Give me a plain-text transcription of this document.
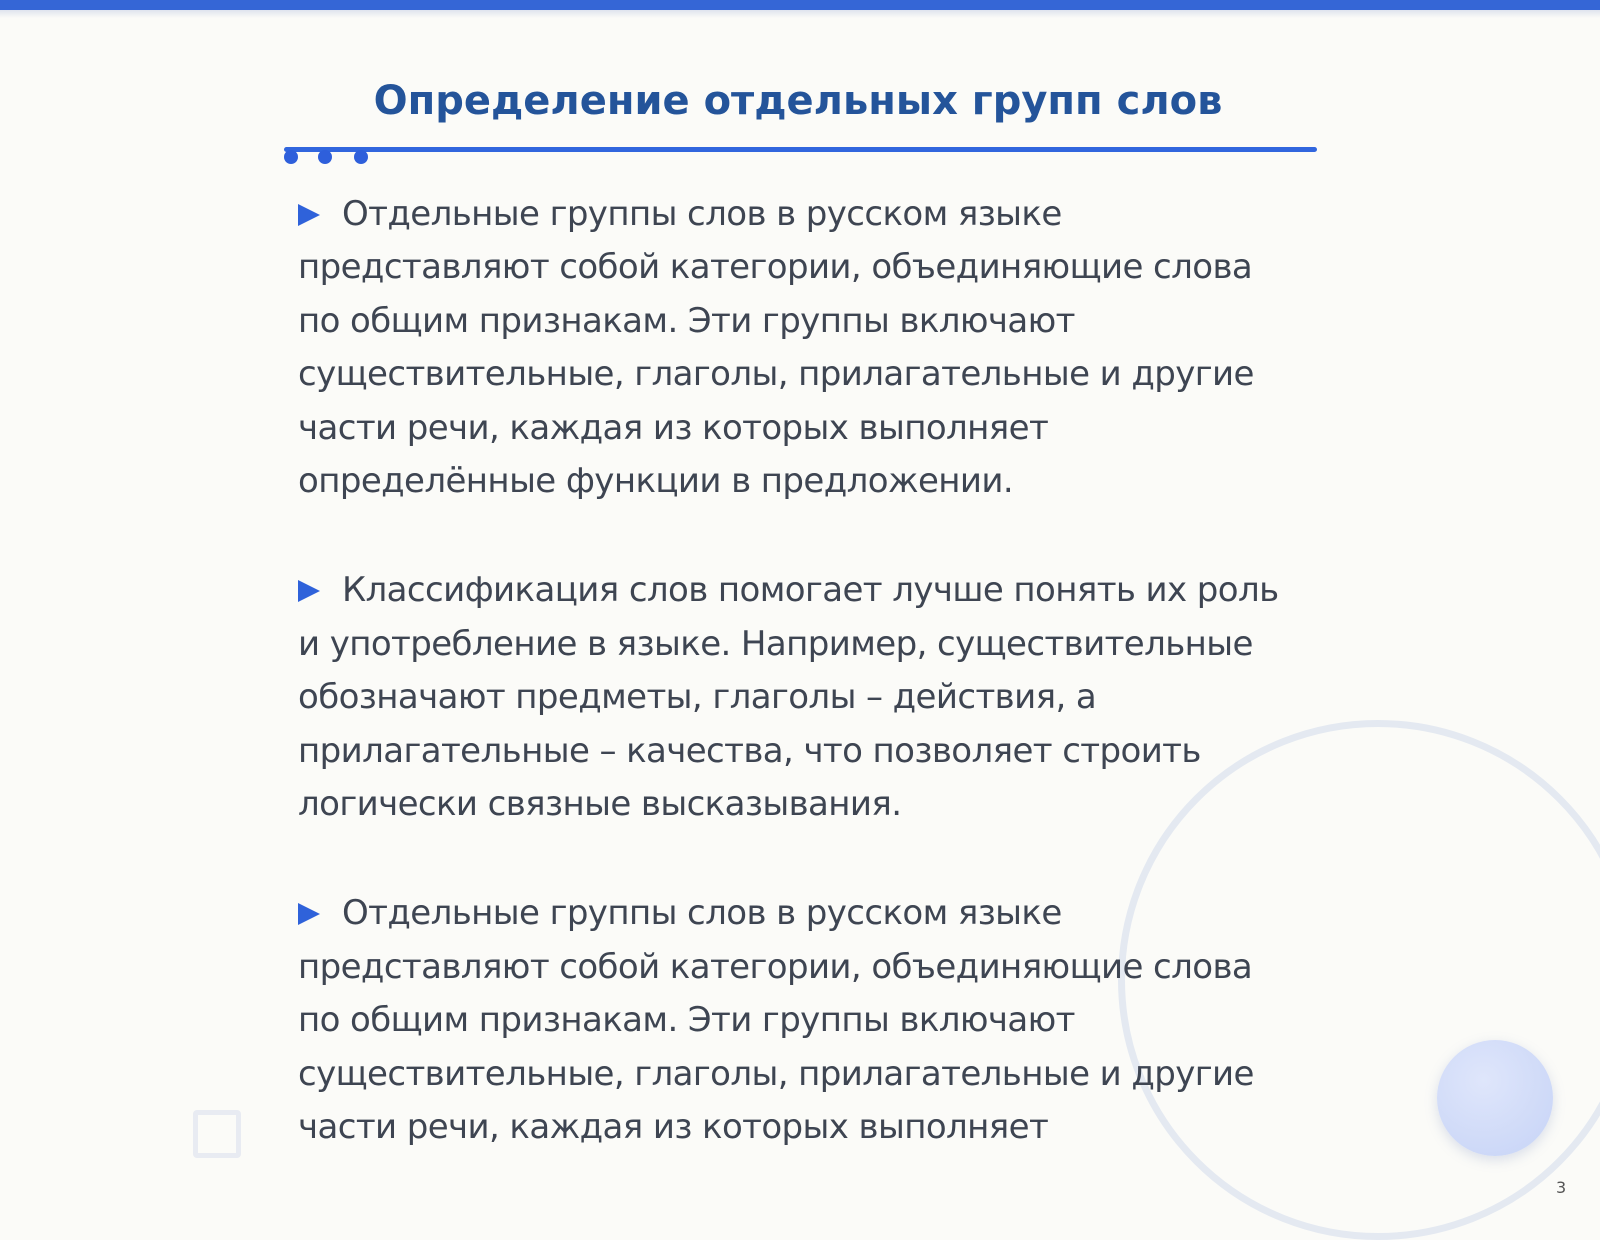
Определение отдельных групп слов

Отдельные группы слов в русском языке представляют собой категории, объединяющие слова по общим признакам. Эти группы включают существительные, глаголы, прилагательные и другие части речи, каждая из которых выполняет определённые функции в предложении.

Классификация слов помогает лучше понять их роль и употребление в языке. Например, существительные обозначают предметы, глаголы – действия, а прилагательные – качества, что позволяет строить логически связные высказывания.

Отдельные группы слов в русском языке представляют собой категории, объединяющие слова по общим признакам. Эти группы включают существительные, глаголы, прилагательные и другие части речи, каждая из которых выполняет

3
